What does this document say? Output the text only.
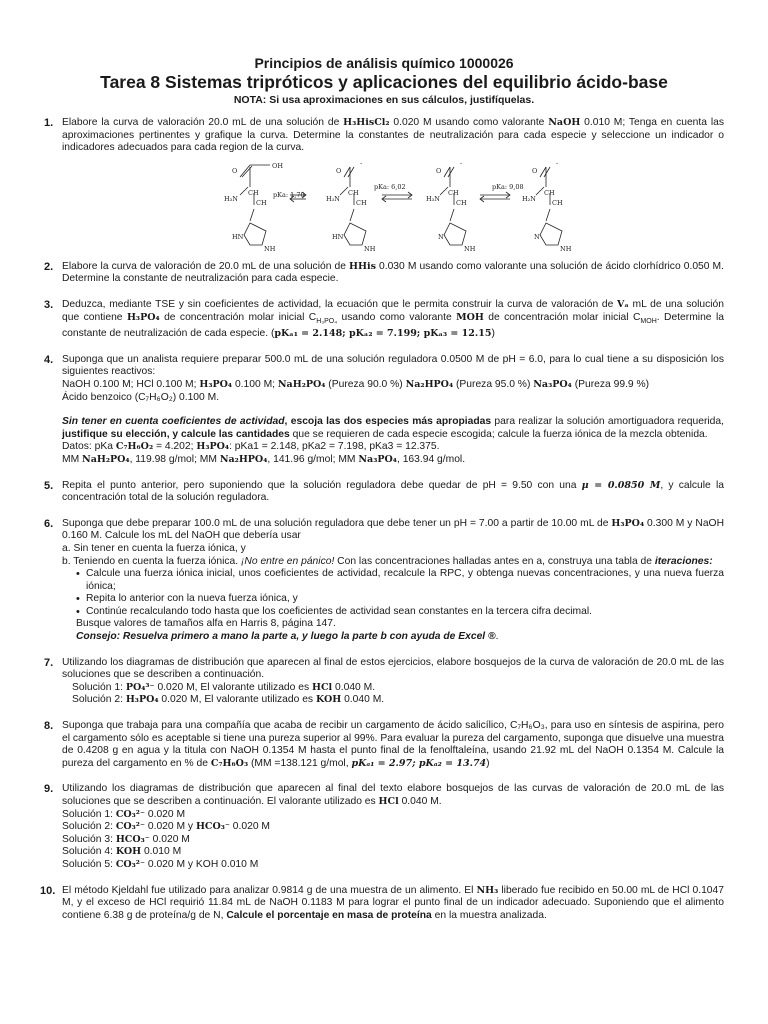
Principios de análisis químico 1000026
Tarea 8 Sistemas tripróticos y aplicaciones del equilibrio ácido-base
NOTA: Si usa aproximaciones en sus cálculos, justifíquelas.
1. Elabore la curva de valoración 20.0 mL de una solución de H₃HisCl₂ 0.020 M usando como valorante NaOH 0.010 M; Tenga en cuenta las aproximaciones pertinentes y grafique la curva. Determine la constantes de neutralización para cada especie y seleccione un indicador o indicadores adecuados para cada region de la curva.
O
OH
CH
H₃N	CH
HN
NH
pKa: 1,70
O
-
CH
H₃N CH
HN
NH
pKa: 6,02
O
-
CH
H₃N CH
N
NH
pKa: 9,08
O
-
CH
H₂N CH
N
NH
2. Elabore la curva de valoración de 20.0 mL de una solución de HHis 0.030 M usando como valorante una solución de ácido clorhídrico 0.050 M. Determine la constante de neutralización para cada especie.
3. Deduzca, mediante TSE y sin coeficientes de actividad, la ecuación que le permita construir la curva de valoración de Vₐ mL de una solución que contiene H₃PO₄ de concentración molar inicial $C_{H_3PO_4}$ usando como valorante MOH de concentración molar inicial $C_{MOH}$. Determine la constante de neutralización de cada especie. (pKₐ₁ = 2.148; pKₐ₂ = 7.199; pKₐ₃ = 12.15)
4. Suponga que un analista requiere preparar 500.0 mL de una solución reguladora 0.0500 M de pH = 6.0, para lo cual tiene a su disposición los siguientes reactivos:
NaOH 0.100 M; HCl 0.100 M; H₃PO₄ 0.100 M; NaH₂PO₄ (Pureza 90.0 %) Na₂HPO₄ (Pureza 95.0 %) Na₃PO₄ (Pureza 99.9 %)
Ácido benzoico (C₇H₆O₂) 0.100 M.
Sin tener en cuenta coeficientes de actividad, escoja las dos especies más apropiadas para realizar la solución amortiguadora requerida, justifique su elección, y calcule las cantidades que se requieren de cada especie escogida; calcule la fuerza iónica de la mezcla obtenida.
Datos: pKa C₇H₆O₂ = 4.202; H₃PO₄: pKa1 = 2.148, pKa2 = 7.198, pKa3 = 12.375.
MM NaH₂PO₄, 119.98 g/mol; MM Na₂HPO₄, 141.96 g/mol; MM Na₃PO₄, 163.94 g/mol.
5. Repita el punto anterior, pero suponiendo que la solución reguladora debe quedar de pH = 9.50 con una μ = 0.0850 M, y calcule la concentración total de la solución reguladora.
6. Suponga que debe preparar 100.0 mL de una solución reguladora que debe tener un pH = 7.00 a partir de 10.00 mL de H₃PO₄ 0.300 M y NaOH 0.160 M. Calcule los mL del NaOH que debería usar
a. Sin tener en cuenta la fuerza iónica, y
b. Teniendo en cuenta la fuerza iónica. ¡No entre en pánico! Con las concentraciones halladas antes en a, construya una tabla de iteraciones:
• Calcule una fuerza iónica inicial, unos coeficientes de actividad, recalcule la RPC, y obtenga nuevas concentraciones, y una nueva fuerza iónica;
• Repita lo anterior con la nueva fuerza iónica, y
• Continúe recalculando todo hasta que los coeficientes de actividad sean constantes en la tercera cifra decimal.
Busque valores de tamaños alfa en Harris 8, página 147.
Consejo: Resuelva primero a mano la parte a, y luego la parte b con ayuda de Excel ®.
7. Utilizando los diagramas de distribución que aparecen al final de estos ejercicios, elabore bosquejos de la curva de valoración de 20.0 mL de las soluciones que se describen a continuación.
Solución 1: PO₄³⁻ 0.020 M, El valorante utilizado es HCl 0.040 M.
Solución 2: H₃PO₄ 0.020 M, El valorante utilizado es KOH 0.040 M.
8. Suponga que trabaja para una compañía que acaba de recibir un cargamento de ácido salicílico, C₇H₆O₃, para uso en síntesis de aspirina, pero el cargamento sólo es aceptable si tiene una pureza superior al 99%. Para evaluar la pureza del cargamento, suponga que disuelve una muestra de 0.4208 g en agua y la titula con NaOH 0.1354 M hasta el punto final de la fenolftaleína, usando 21.92 mL del NaOH 0.1354 M. Calcule la pureza del cargamento en % de C₇H₆O₃ (MM =138.121 g/mol, pKₐ₁ = 2.97; pKₐ₂ = 13.74)
9. Utilizando los diagramas de distribución que aparecen al final del texto elabore bosquejos de las curvas de valoración de 20.0 mL de las soluciones que se describen a continuación. El valorante utilizado es HCl 0.040 M.
Solución 1: CO₃²⁻ 0.020 M
Solución 2: CO₃²⁻ 0.020 M y HCO₃⁻ 0.020 M
Solución 3: HCO₃⁻ 0.020 M
Solución 4: KOH 0.010 M
Solución 5: CO₃²⁻ 0.020 M y KOH 0.010 M
10. El método Kjeldahl fue utilizado para analizar 0.9814 g de una muestra de un alimento. El NH₃ liberado fue recibido en 50.00 mL de HCl 0.1047 M, y el exceso de HCl requirió 11.84 mL de NaOH 0.1183 M para lograr el punto final de un indicador adecuado. Suponiendo que el alimento contiene 6.38 g de proteína/g de N, Calcule el porcentaje en masa de proteína en la muestra analizada.
